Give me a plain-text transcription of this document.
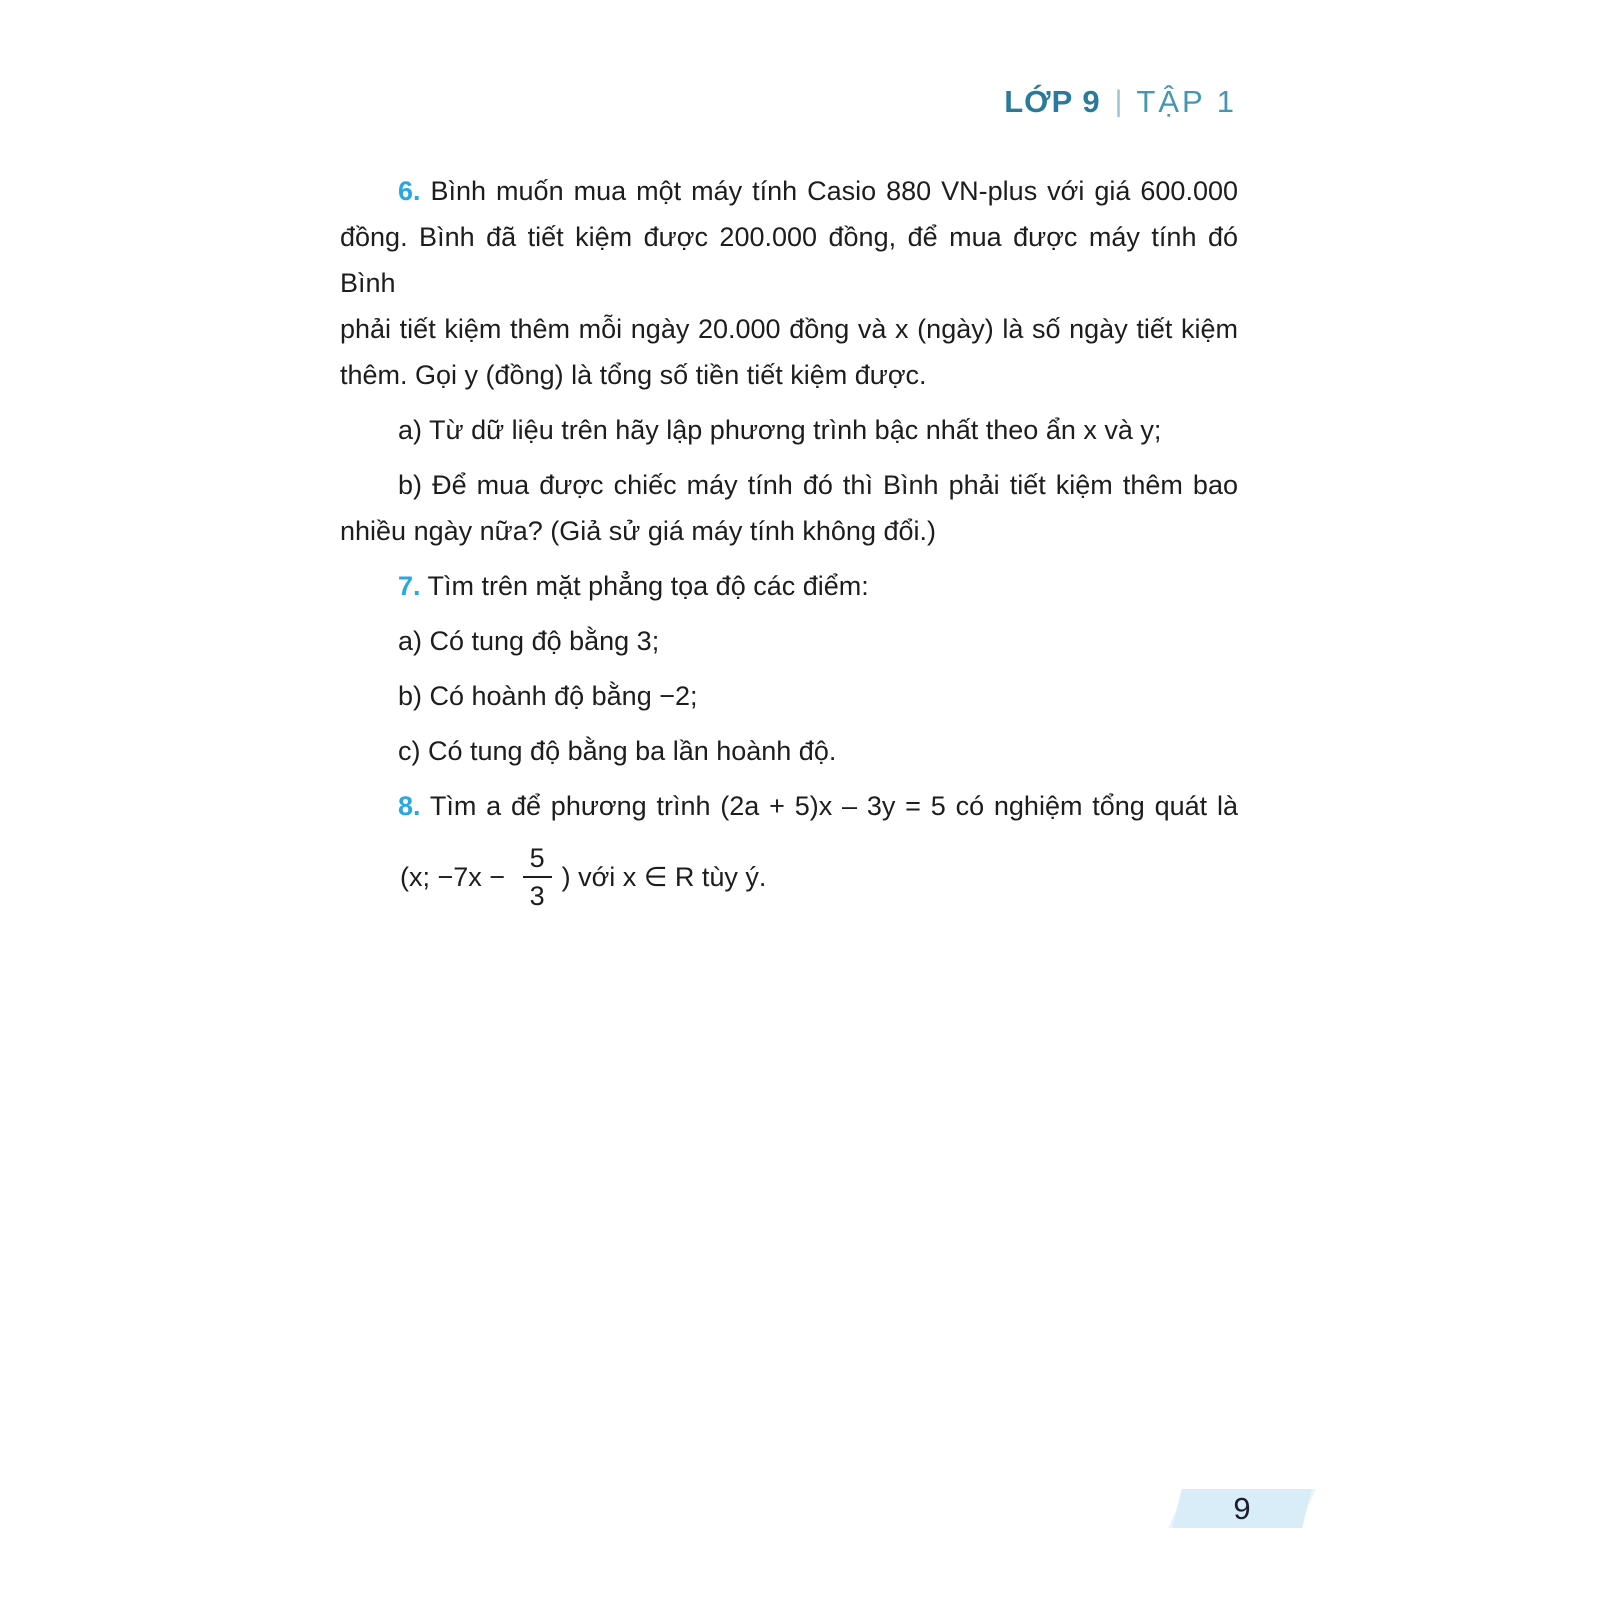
LỚP 9 | TẬP 1
6. Bình muốn mua một máy tính Casio 880 VN-plus với giá 600.000
đồng. Bình đã tiết kiệm được 200.000 đồng, để mua được máy tính đó Bình
phải tiết kiệm thêm mỗi ngày 20.000 đồng và x (ngày) là số ngày tiết kiệm
thêm. Gọi y (đồng) là tổng số tiền tiết kiệm được.
a) Từ dữ liệu trên hãy lập phương trình bậc nhất theo ẩn x và y;
b) Để mua được chiếc máy tính đó thì Bình phải tiết kiệm thêm bao
nhiều ngày nữa? (Giả sử giá máy tính không đổi.)
7. Tìm trên mặt phẳng tọa độ các điểm:
a) Có tung độ bằng 3;
b) Có hoành độ bằng −2;
c) Có tung độ bằng ba lần hoành độ.
8. Tìm a để phương trình (2a + 5)x – 3y = 5 có nghiệm tổng quát là
(x; $-7x - \frac{5}{3}$ ) với x ∈ R tùy ý.
9
